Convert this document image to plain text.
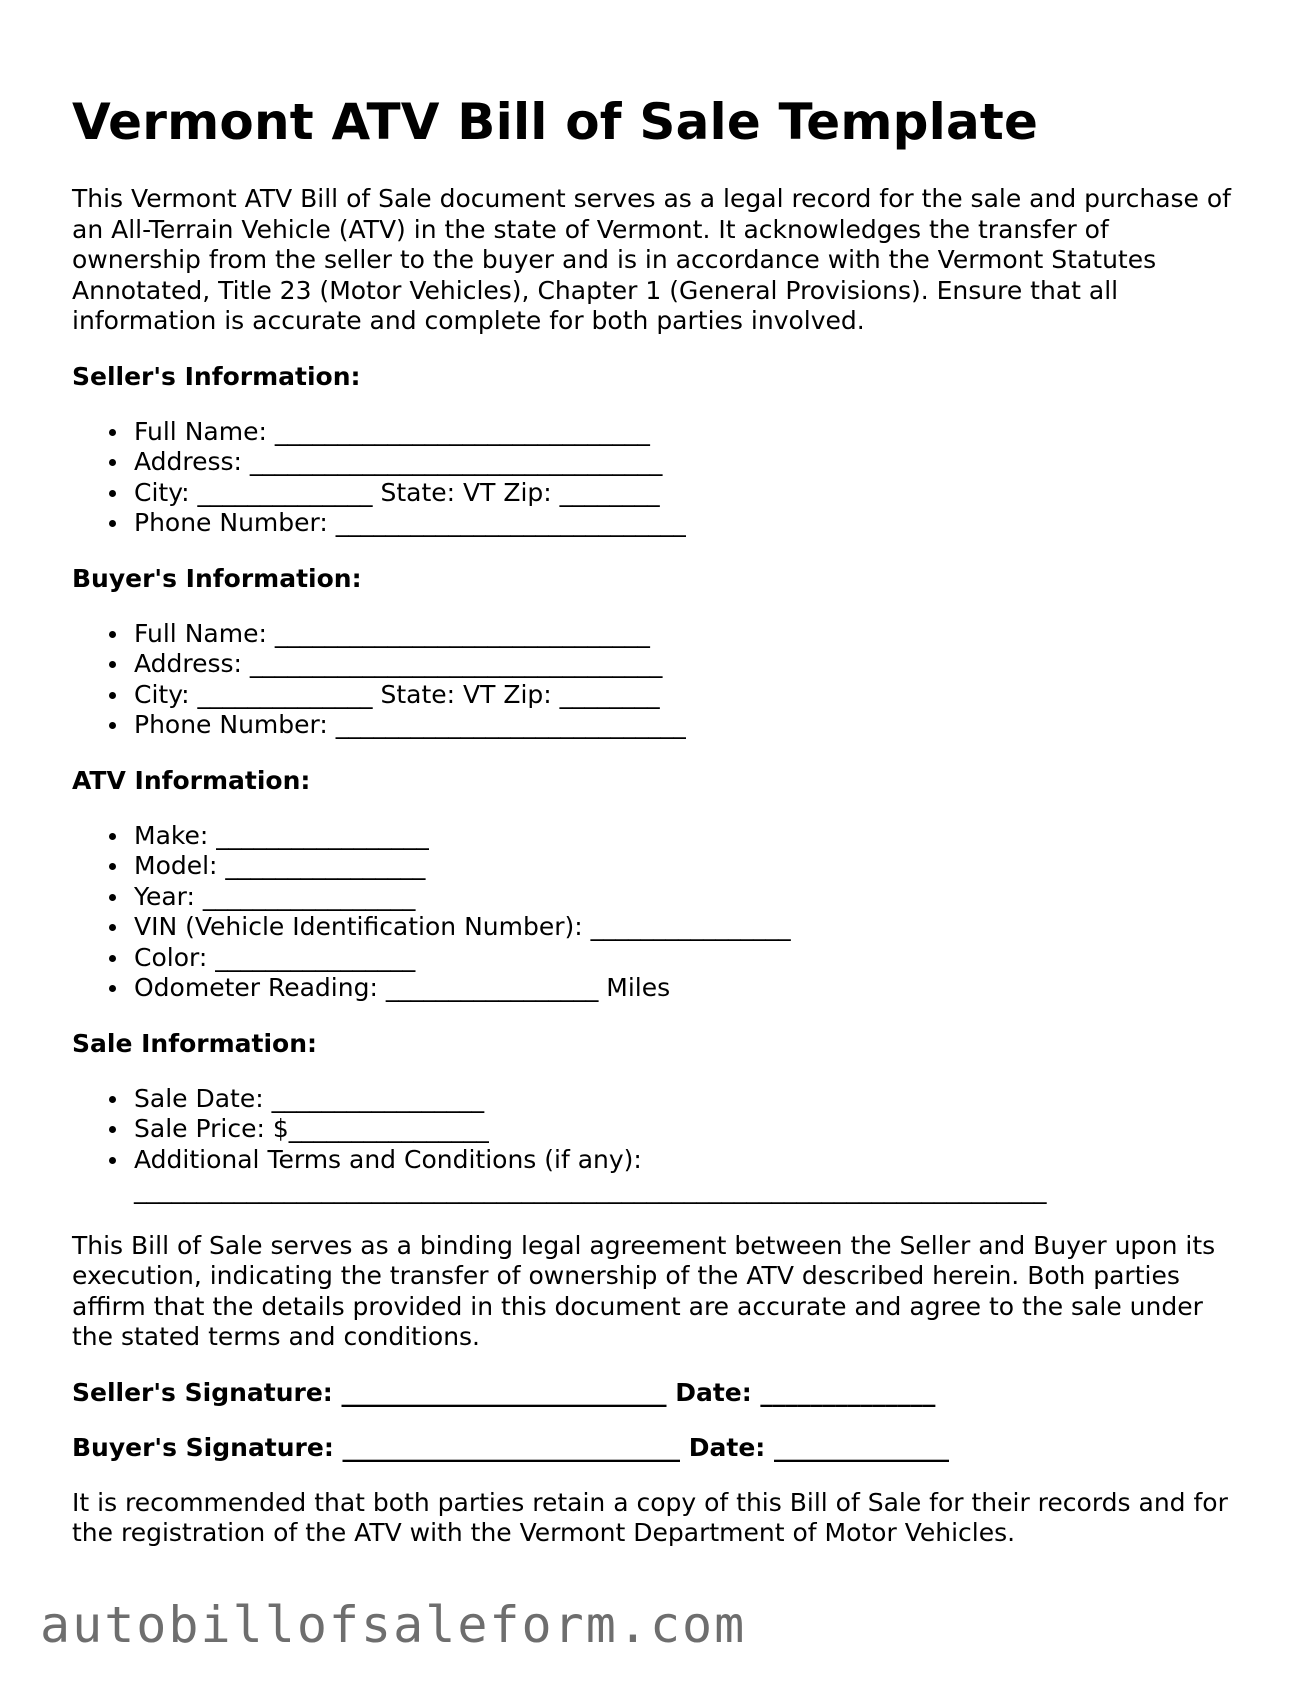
Vermont ATV Bill of Sale Template

This Vermont ATV Bill of Sale document serves as a legal record for the sale and purchase of an All-Terrain Vehicle (ATV) in the state of Vermont. It acknowledges the transfer of ownership from the seller to the buyer and is in accordance with the Vermont Statutes Annotated, Title 23 (Motor Vehicles), Chapter 1 (General Provisions). Ensure that all information is accurate and complete for both parties involved.

Seller's Information:
Full Name: ______________________________
Address: _________________________________
City: ______________ State: VT Zip: ________
Phone Number: ____________________________
Buyer's Information:
Full Name: ______________________________
Address: _________________________________
City: ______________ State: VT Zip: ________
Phone Number: ____________________________
ATV Information:
Make: _________________
Model: ________________
Year: _________________
VIN (Vehicle Identification Number): ________________
Color: ________________
Odometer Reading: _________________ Miles
Sale Information:
Sale Date: _________________
Sale Price: $________________
Additional Terms and Conditions (if any):
_________________________________________________________________________

This Bill of Sale serves as a binding legal agreement between the Seller and Buyer upon its execution, indicating the transfer of ownership of the ATV described herein. Both parties affirm that the details provided in this document are accurate and agree to the sale under the stated terms and conditions.

Seller's Signature: __________________________ Date: ______________
Buyer's Signature: ___________________________ Date: ______________

It is recommended that both parties retain a copy of this Bill of Sale for their records and for the registration of the ATV with the Vermont Department of Motor Vehicles.

autobillofsaleform.com
